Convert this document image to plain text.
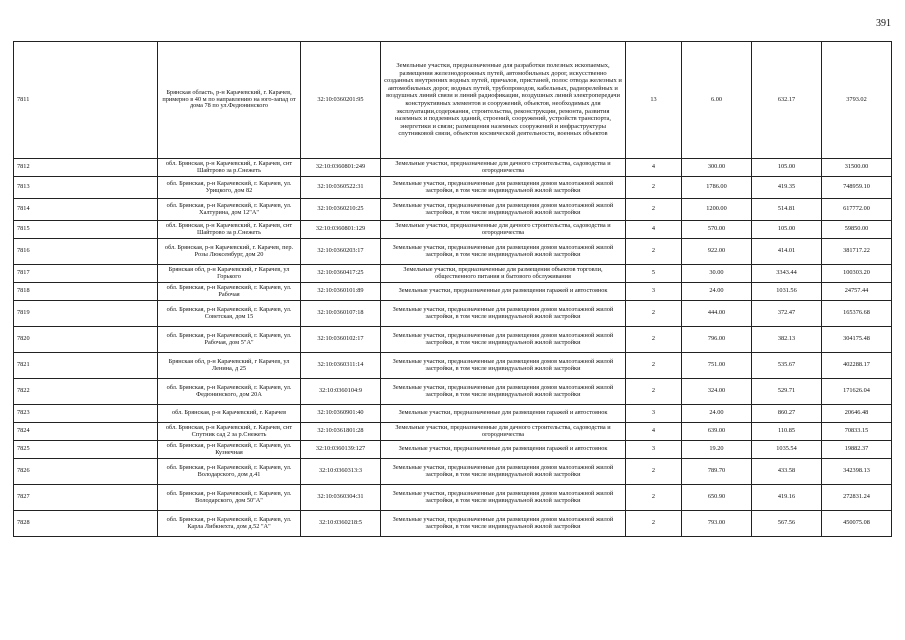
391
7811	Брянская область, р-н Карачевский, г. Карачев, примерно в 40 м по направлению на юго-запад от дома 78 по ул.Федюнинского	32:10:0360201:95	Земельные участки, предназначенные для разработки полезных ископаемых, размещения железнодорожных путей, автомобильных дорог, искусственно созданных внутренних водных путей, причалов, пристаней, полос отвода железных и автомобильных дорог, водных путей, трубопроводов, кабельных, радиорелейных и воздушных линий связи и линий радиофикации, воздушных линий электропередачи конструктивных элементов и сооружений, объектов, необходимых для эксплуатации,содержания, строительства, реконструкции, ремонта, развития наземных и подземных зданий, строений, сооружений, устройств транспорта, энергетики и связи; размещения наземных сооружений и инфраструктуры спутниковой связи, объектов космической деятельности, военных объектов	13	6.00	632.17	3793.02
7812	обл. Брянская, р-н Карачевский, г. Карачев, снт Шайтрово за р.Снежеть	32:10:0360801:249	Земельные участки, предназначенные для дачного строительства, садоводства и огородничества	4	300.00	105.00	31500.00
7813	обл. Брянская, р-н Карачевский, г. Карачев, ул. Урицкого, дом 82	32:10:0360522:31	Земельные участки, предназначенные для размещения домов малоэтажной жилой застройки, в том числе индивидуальной жилой застройки	2	1786.00	419.35	748959.10
7814	обл. Брянская, р-н Карачевский, г. Карачев, ул. Халтурина, дом 12"А"	32:10:0360210:25	Земельные участки, предназначенные для размещения домов малоэтажной жилой застройки, в том числе индивидуальной жилой застройки	2	1200.00	514.81	617772.00
7815	обл. Брянская, р-н Карачевский, г. Карачев, снт Шайтрово за р.Снежеть	32:10:0360801:129	Земельные участки, предназначенные для дачного строительства, садоводства и огородничества	4	570.00	105.00	59850.00
7816	обл. Брянская, р-н Карачевский, г. Карачев, пер. Розы Люксембург, дом 20	32:10:0360203:17	Земельные участки, предназначенные для размещения домов малоэтажной жилой застройки, в том числе индивидуальной жилой застройки	2	922.00	414.01	381717.22
7817	Брянская обл, р-н Карачевский, г Карачев, ул Горького	32:10:0360417:25	Земельные участки, предназначенные для размещения объектов торговли, общественного питания и бытового обслуживания	5	30.00	3343.44	100303.20
7818	обл. Брянская, р-н Карачевский, г. Карачев, ул. Рабочая	32:10:0360101:89	Земельные участки, предназначенные для размещения гаражей и автостоянок	3	24.00	1031.56	24757.44
7819	обл. Брянская, р-н Карачевский, г. Карачев, ул. Советская, дом 15	32:10:0360107:18	Земельные участки, предназначенные для размещения домов малоэтажной жилой застройки, в том числе индивидуальной жилой застройки	2	444.00	372.47	165376.68
7820	обл. Брянская, р-н Карачевский, г. Карачев, ул. Рабочая, дом 5"А"	32:10:0360102:17	Земельные участки, предназначенные для размещения домов малоэтажной жилой застройки, в том числе индивидуальной жилой застройки	2	796.00	382.13	304175.48
7821	Брянская обл, р-н Карачевский, г Карачев, ул Ленина, д 25	32:10:0360311:14	Земельные участки, предназначенные для размещения домов малоэтажной жилой застройки, в том числе индивидуальной жилой застройки	2	751.00	535.67	402288.17
7822	обл. Брянская, р-н Карачевский, г. Карачев, ул. Федюнинского, дом 20А	32:10:0360104:9	Земельные участки, предназначенные для размещения домов малоэтажной жилой застройки, в том числе индивидуальной жилой застройки	2	324.00	529.71	171626.04
7823	обл. Брянская, р-н Карачевский, г. Карачев	32:10:0360901:40	Земельные участки, предназначенные для размещения гаражей и автостоянок	3	24.00	860.27	20646.48
7824	обл. Брянская, р-н Карачевский, г. Карачев, снт Спутник сад 2 за р.Снежеть	32:10:0361801:28	Земельные участки, предназначенные для дачного строительства, садоводства и огородничества	4	639.00	110.85	70833.15
7825	обл. Брянская, р-н Карачевский, г. Карачев, ул. Кузнечная	32:10:0360139:127	Земельные участки, предназначенные для размещения гаражей и автостоянок	3	19.20	1035.54	19882.37
7826	обл. Брянская, р-н Карачевский, г. Карачев, ул. Володарского, дом д.41	32:10:0360313:3	Земельные участки, предназначенные для размещения домов малоэтажной жилой застройки, в том числе индивидуальной жилой застройки	2	789.70	433.58	342398.13
7827	обл. Брянская, р-н Карачевский, г. Карачев, ул. Володарского, дом 50"А"	32:10:0360304:31	Земельные участки, предназначенные для размещения домов малоэтажной жилой застройки, в том числе индивидуальной жилой застройки	2	650.90	419.16	272831.24
7828	обл. Брянская, р-н Карачевский, г. Карачев, ул. Карла Либкнехта, дом д.52 "А"	32:10:0360218:5	Земельные участки, предназначенные для размещения домов малоэтажной жилой застройки, в том числе индивидуальной жилой застройки	2	793.00	567.56	450075.08
